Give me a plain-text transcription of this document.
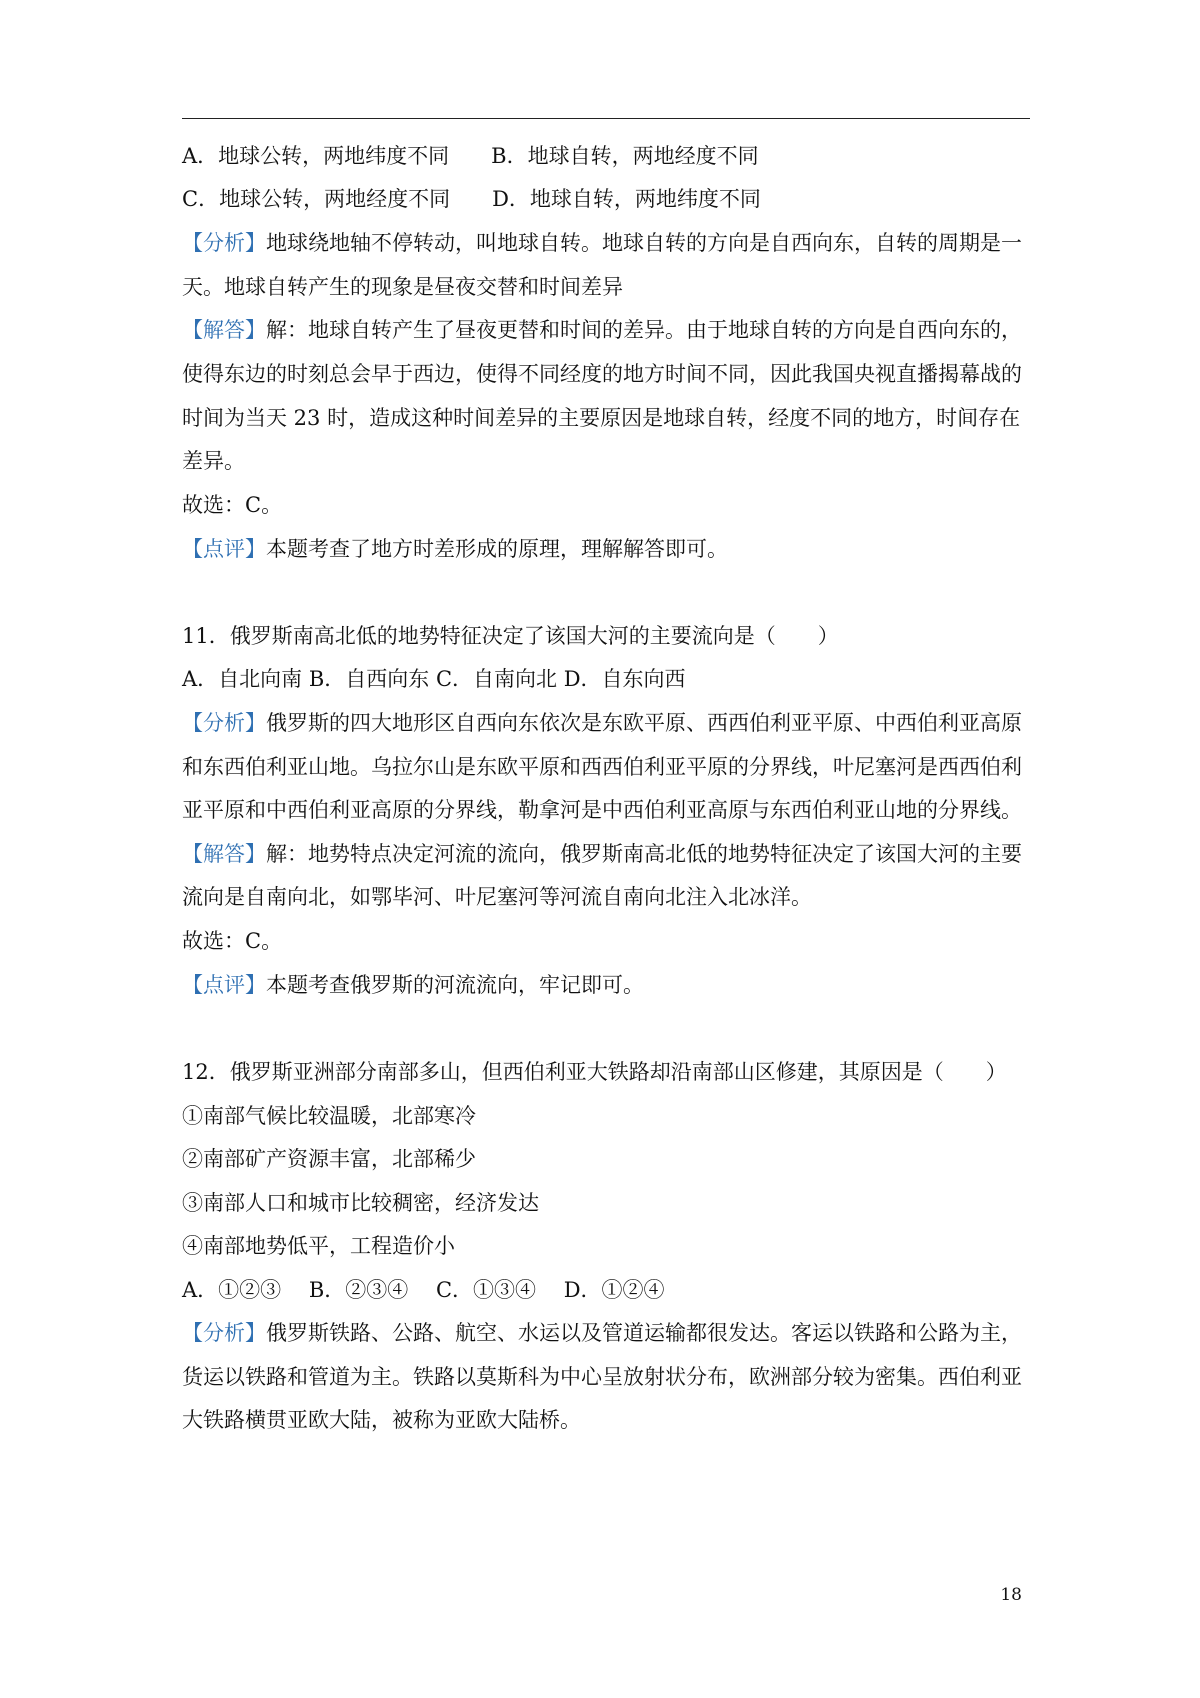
A．地球公转，两地纬度不同　　B．地球自转，两地经度不同
C．地球公转，两地经度不同　　D．地球自转，两地纬度不同
【分析】地球绕地轴不停转动，叫地球自转。地球自转的方向是自西向东，自转的周期是一
天。地球自转产生的现象是昼夜交替和时间差异
【解答】解：地球自转产生了昼夜更替和时间的差异。由于地球自转的方向是自西向东的，
使得东边的时刻总会早于西边，使得不同经度的地方时间不同，因此我国央视直播揭幕战的
时间为当天 23 时，造成这种时间差异的主要原因是地球自转，经度不同的地方，时间存在
差异。
故选：C。
【点评】本题考查了地方时差形成的原理，理解解答即可。
11．俄罗斯南高北低的地势特征决定了该国大河的主要流向是（　　）
A．自北向南 B．自西向东 C．自南向北 D．自东向西
【分析】俄罗斯的四大地形区自西向东依次是东欧平原、西西伯利亚平原、中西伯利亚高原
和东西伯利亚山地。乌拉尔山是东欧平原和西西伯利亚平原的分界线，叶尼塞河是西西伯利
亚平原和中西伯利亚高原的分界线，勒拿河是中西伯利亚高原与东西伯利亚山地的分界线。
【解答】解：地势特点决定河流的流向，俄罗斯南高北低的地势特征决定了该国大河的主要
流向是自南向北，如鄂毕河、叶尼塞河等河流自南向北注入北冰洋。
故选：C。
【点评】本题考查俄罗斯的河流流向，牢记即可。
12．俄罗斯亚洲部分南部多山，但西伯利亚大铁路却沿南部山区修建，其原因是（　　）
①南部气候比较温暖，北部寒冷
②南部矿产资源丰富，北部稀少
③南部人口和城市比较稠密，经济发达
④南部地势低平，工程造价小
A．①②③　 B．②③④　 C．①③④　 D．①②④
【分析】俄罗斯铁路、公路、航空、水运以及管道运输都很发达。客运以铁路和公路为主，
货运以铁路和管道为主。铁路以莫斯科为中心呈放射状分布，欧洲部分较为密集。西伯利亚
大铁路横贯亚欧大陆，被称为亚欧大陆桥。
18
